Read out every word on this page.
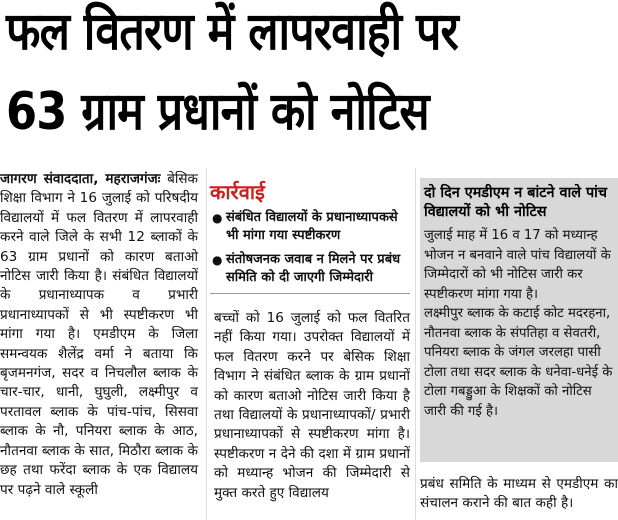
फल वितरण में लापरवाही पर
63 ग्राम प्रधानों को नोटिस
जागरण संवाददाता, महराजगंजः बेसिक शिक्षा विभाग ने 16 जुलाई को परिषदीय विद्यालयों में फल वितरण में लापरवाही करने वाले जिले के सभी 12 ब्लाकों के 63 ग्राम प्रधानों को कारण बताओ नोटिस जारी किया है। संबंधित विद्यालयों के प्रधानाध्यापक व प्रभारी प्रधानाध्यापकों से भी स्पष्टीकरण भी मांगा गया है। एमडीएम के जिला समन्वयक शैलेंद्र वर्मा ने बताया कि बृजमनगंज, सदर व निचलौल ब्लाक के चार-चार, धानी, घुघुली, लक्ष्मीपुर व परतावल ब्लाक के पांच-पांच, सिसवा ब्लाक के नौ, पनियरा ब्लाक के आठ, नौतनवा ब्लाक के सात, मिठौरा ब्लाक के छह तथा फरेंदा ब्लाक के एक विद्यालय पर पढ़ने वाले स्कूली
कार्रवाई
● संबंधित विद्यालयों के प्रधानाध्यापकसे भी मांगा गया स्पष्टीकरण
● संतोषजनक जवाब न मिलने पर प्रबंध समिति को दी जाएगी जिम्मेदारी
बच्चों को 16 जुलाई को फल वितरित नहीं किया गया। उपरोक्त विद्यालयों में फल वितरण करने पर बेसिक शिक्षा विभाग ने संबंधित ब्लाक के ग्राम प्रधानों को कारण बताओ नोटिस जारी किया है तथा विद्यालयों के प्रधानाध्यापकों/ प्रभारी प्रधानाध्यापकों से स्पष्टीकरण मांगा है। स्पष्टीकरण न देने की दशा में ग्राम प्रधानों को मध्यान्ह भोजन की जिम्मेदारी से मुक्त करते हुए विद्यालय
दो दिन एमडीएम न बांटने वाले पांच विद्यालयों को भी नोटिस

जुलाई माह में 16 व 17 को मध्यान्ह भोजन न बनवाने वाले पांच विद्यालयों के जिम्मेदारों को भी नोटिस जारी कर स्पष्टीकरण मांगा गया है।

लक्ष्मीपुर ब्लाक के कटाई कोट मदरहना, नौतनवा ब्लाक के संपतिहा व सेवतरी, पनियरा ब्लाक के जंगल जरलहा पासी टोला तथा सदर ब्लाक के धनेवा-धनेई के टोला गबड्डुआ के शिक्षकों को नोटिस जारी की गई है।

प्रबंध समिति के माध्यम से एमडीएम का संचालन कराने की बात कही है।
